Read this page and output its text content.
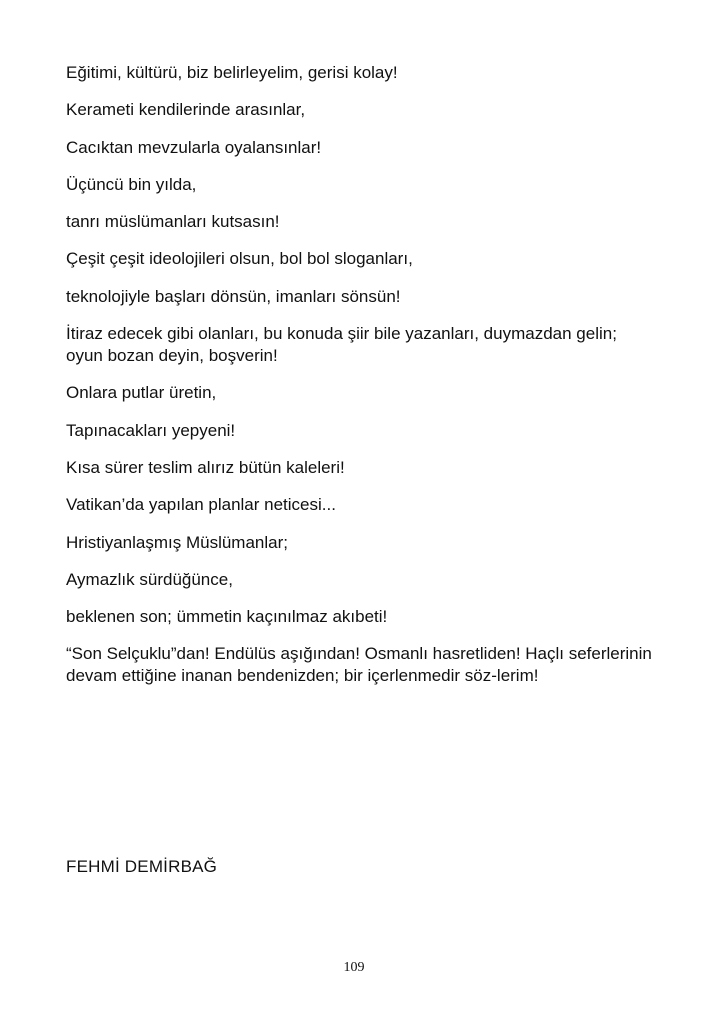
Eğitimi, kültürü, biz belirleyelim, gerisi kolay!

Kerameti kendilerinde arasınlar,

Cacıktan mevzularla oyalansınlar!

Üçüncü bin yılda,

tanrı müslümanları kutsasın!

Çeşit çeşit ideolojileri olsun, bol bol sloganları,

teknolojiyle başları dönsün, imanları sönsün!

İtiraz edecek gibi olanları, bu konuda şiir bile yazanları, duymazdan gelin; oyun bozan deyin, boşverin!

Onlara putlar üretin,

Tapınacakları yepyeni!

Kısa sürer teslim alırız bütün kaleleri!

Vatikan’da yapılan planlar neticesi...

Hristiyanlaşmış Müslümanlar;

Aymazlık sürdüğünce,

beklenen son; ümmetin kaçınılmaz akıbeti!

“Son Selçuklu”dan! Endülüs aşığından! Osmanlı hasretliden! Haçlı seferlerinin devam ettiğine inanan bendenizden; bir içerlenmedir söz-lerim!

FEHMİ DEMİRBAĞ
109
